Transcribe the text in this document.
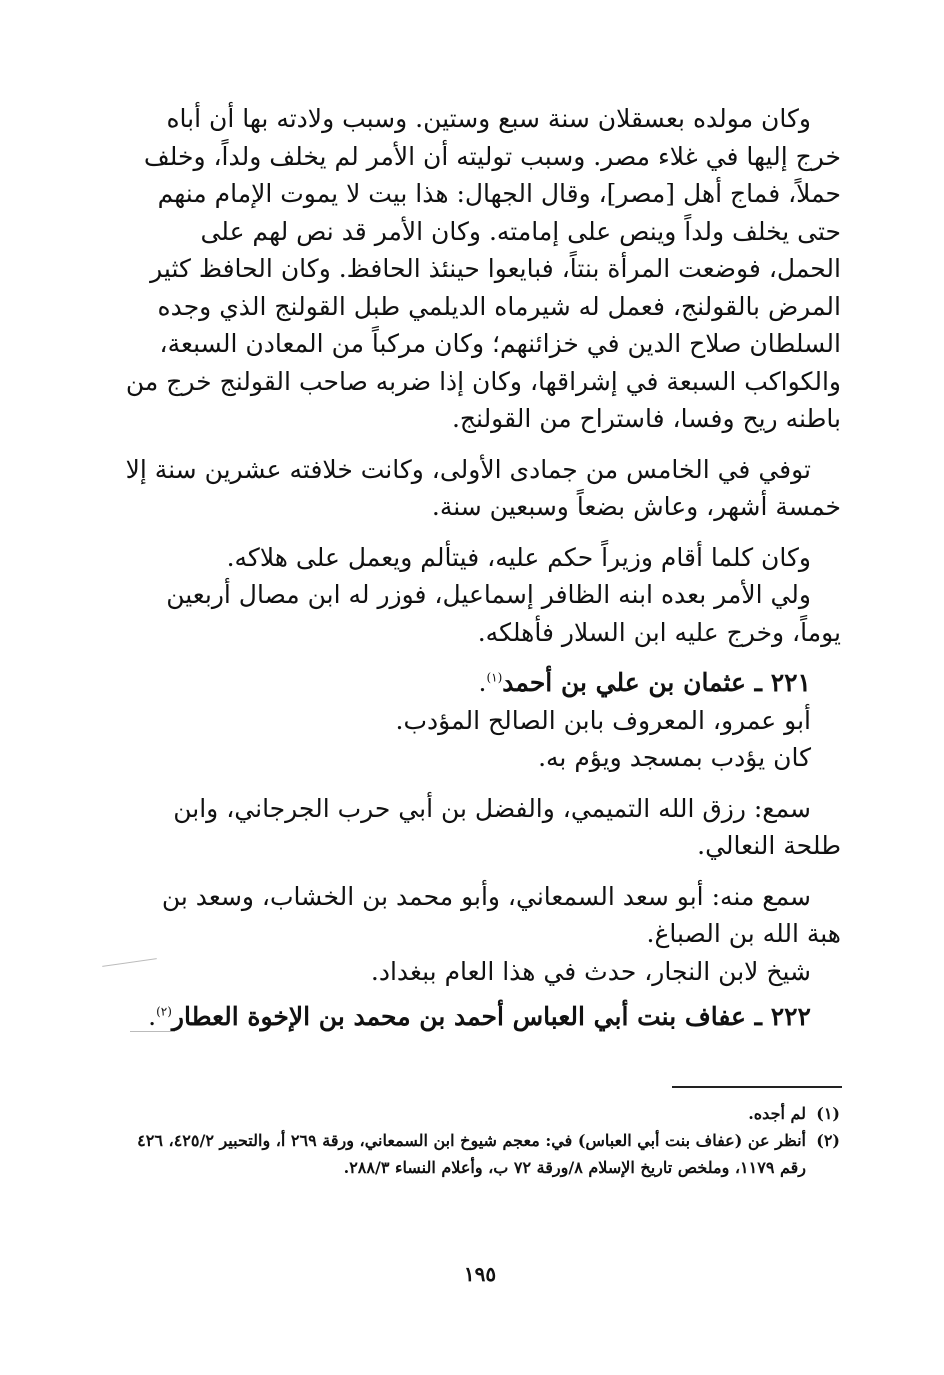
وكان مولده بعسقلان سنة سبع وستين. وسبب ولادته بها أن أباه خرج إليها في غلاء مصر. وسبب توليته أن الأمر لم يخلف ولداً، وخلف حملاً، فماج أهل [مصر]، وقال الجهال: هذا بيت لا يموت الإمام منهم حتى يخلف ولداً وينص على إمامته. وكان الأمر قد نص لهم على الحمل، فوضعت المرأة بنتاً، فبايعوا حينئذ الحافظ. وكان الحافظ كثير المرض بالقولنج، فعمل له شيرماه الديلمي طبل القولنج الذي وجده السلطان صلاح الدين في خزائنهم؛ وكان مركباً من المعادن السبعة، والكواكب السبعة في إشراقها، وكان إذا ضربه صاحب القولنج خرج من باطنه ريح وفسا، فاستراح من القولنج.

توفي في الخامس من جمادى الأولى، وكانت خلافته عشرين سنة إلا خمسة أشهر، وعاش بضعاً وسبعين سنة.

وكان كلما أقام وزيراً حكم عليه، فيتألم ويعمل على هلاكه.

ولي الأمر بعده ابنه الظافر إسماعيل، فوزر له ابن مصال أربعين يوماً، وخرج عليه ابن السلار فأهلكه.

٢٢١ ـ عثمان بن علي بن أحمد$^{(١)}$.

أبو عمرو، المعروف بابن الصالح المؤدب.

كان يؤدب بمسجد ويؤم به.

سمع: رزق الله التميمي، والفضل بن أبي حرب الجرجاني، وابن طلحة النعالي.

سمع منه: أبو سعد السمعاني، وأبو محمد بن الخشاب، وسعد بن هبة الله بن الصباغ.

شيخ لابن النجار، حدث في هذا العام ببغداد.

٢٢٢ ـ عفاف بنت أبي العباس أحمد بن محمد بن الإخوة العطار$^{(٢)}$.

(١)
لم أجده.
(٢)
أنظر عن (عفاف بنت أبي العباس) في: معجم شيوخ ابن السمعاني، ورقة ٢٦٩ أ، والتحبير ٤٢٥/٢، ٤٢٦ رقم ١١٧٩، وملخص تاريخ الإسلام ٨/ورقة ٧٢ ب، وأعلام النساء ٢٨٨/٣.
١٩٥
